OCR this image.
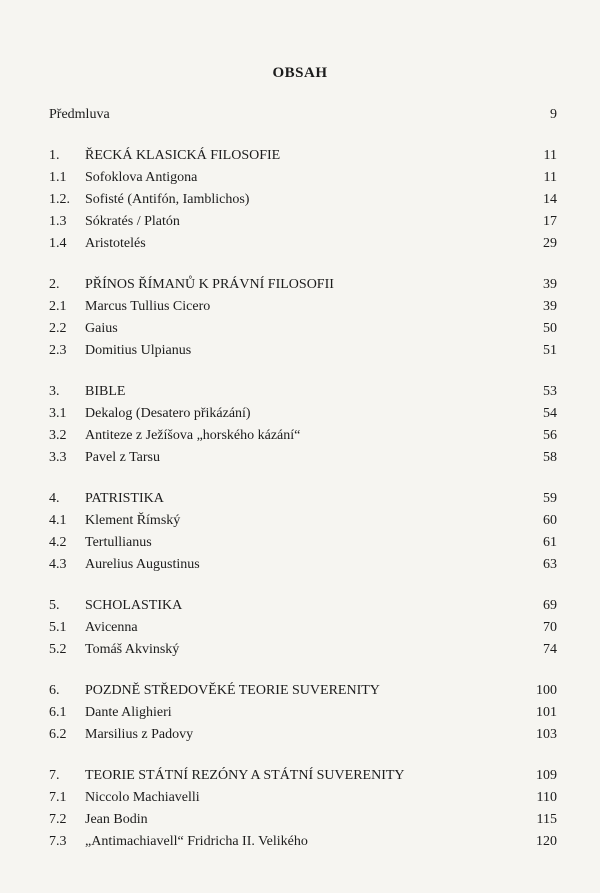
OBSAH
Předmluva	9
1.	ŘECKÁ KLASICKÁ FILOSOFIE	11
1.1	Sofoklova Antigona	11
1.2.	Sofisté (Antifón, Iamblichos)	14
1.3	Sókratés / Platón	17
1.4	Aristotelés	29
2.	PŘÍNOS ŘÍMANŮ K PRÁVNÍ FILOSOFII	39
2.1	Marcus Tullius Cicero	39
2.2	Gaius	50
2.3	Domitius Ulpianus	51
3.	BIBLE	53
3.1	Dekalog (Desatero přikázání)	54
3.2	Antiteze z Ježíšova „horského kázání“	56
3.3	Pavel z Tarsu	58
4.	PATRISTIKA	59
4.1	Klement Římský	60
4.2	Tertullianus	61
4.3	Aurelius Augustinus	63
5.	SCHOLASTIKA	69
5.1	Avicenna	70
5.2	Tomáš Akvinský	74
6.	POZDNĚ STŘEDOVĚKÉ TEORIE SUVERENITY	100
6.1	Dante Alighieri	101
6.2	Marsilius z Padovy	103
7.	TEORIE STÁTNÍ REZÓNY A STÁTNÍ SUVERENITY	109
7.1	Niccolo Machiavelli	110
7.2	Jean Bodin	115
7.3	„Antimachiavell“ Fridricha II. Velikého	120
